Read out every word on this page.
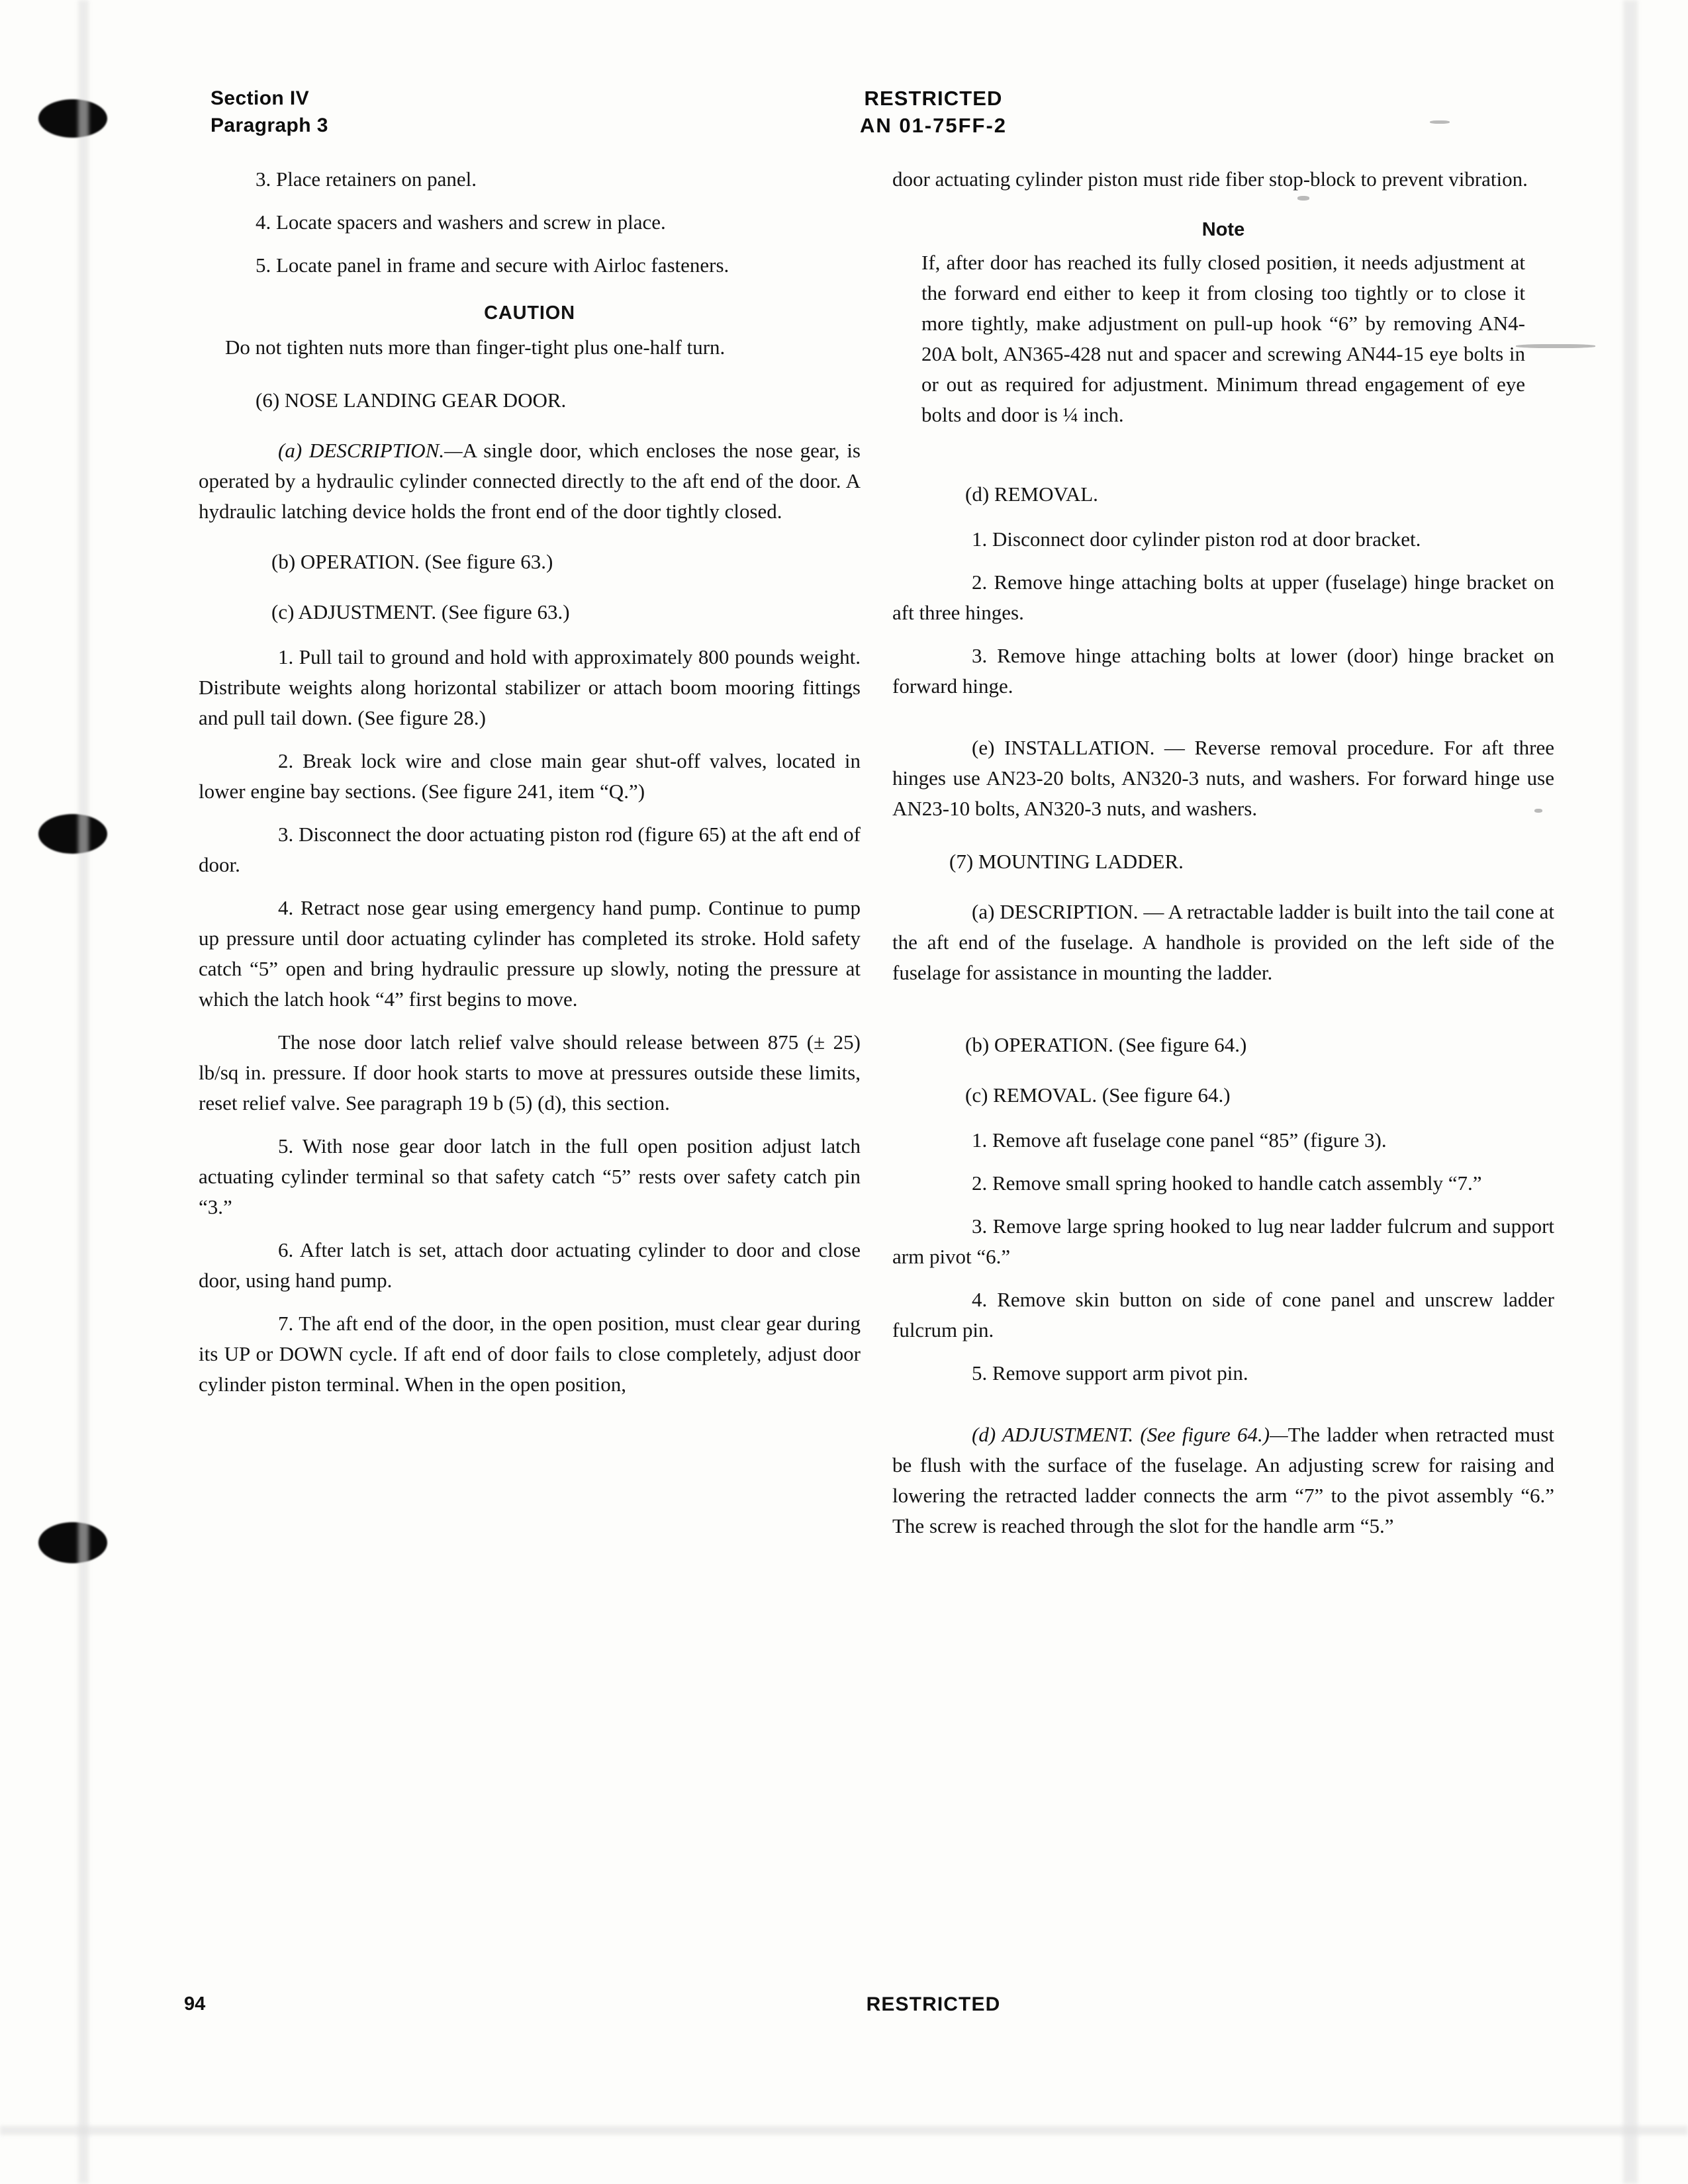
Section IV
Paragraph 3
RESTRICTED
AN 01-75FF-2

3. Place retainers on panel.

4. Locate spacers and washers and screw in place.

5. Locate panel in frame and secure with Airloc fasteners.

CAUTION

Do not tighten nuts more than finger-tight plus one-half turn.

(6) NOSE LANDING GEAR DOOR.

(a) DESCRIPTION.—A single door, which encloses the nose gear, is operated by a hydraulic cylinder connected directly to the aft end of the door. A hydraulic latching device holds the front end of the door tightly closed.

(b) OPERATION. (See figure 63.)

(c) ADJUSTMENT. (See figure 63.)

1. Pull tail to ground and hold with approximately 800 pounds weight. Distribute weights along horizontal stabilizer or attach boom mooring fittings and pull tail down. (See figure 28.)

2. Break lock wire and close main gear shut-off valves, located in lower engine bay sections. (See figure 241, item “Q.”)

3. Disconnect the door actuating piston rod (figure 65) at the aft end of door.

4. Retract nose gear using emergency hand pump. Continue to pump up pressure until door actuating cylinder has completed its stroke. Hold safety catch “5” open and bring hydraulic pressure up slowly, noting the pressure at which the latch hook “4” first begins to move.

The nose door latch relief valve should release between 875 (± 25) lb/sq in. pressure. If door hook starts to move at pressures outside these limits, reset relief valve. See paragraph 19 b (5) (d), this section.

5. With nose gear door latch in the full open position adjust latch actuating cylinder terminal so that safety catch “5” rests over safety catch pin “3.”

6. After latch is set, attach door actuating cylinder to door and close door, using hand pump.

7. The aft end of the door, in the open position, must clear gear during its UP or DOWN cycle. If aft end of door fails to close completely, adjust door cylinder piston terminal. When in the open position,

door actuating cylinder piston must ride fiber stop-block to prevent vibration.

Note

If, after door has reached its fully closed position, it needs adjustment at the forward end either to keep it from closing too tightly or to close it more tightly, make adjustment on pull-up hook “6” by removing AN4-20A bolt, AN365-428 nut and spacer and screwing AN44-15 eye bolts in or out as required for adjustment. Minimum thread engagement of eye bolts and door is ¼ inch.

(d) REMOVAL.

1. Disconnect door cylinder piston rod at door bracket.

2. Remove hinge attaching bolts at upper (fuselage) hinge bracket on aft three hinges.

3. Remove hinge attaching bolts at lower (door) hinge bracket on forward hinge.

(e) INSTALLATION. — Reverse removal procedure. For aft three hinges use AN23-20 bolts, AN320-3 nuts, and washers. For forward hinge use AN23-10 bolts, AN320-3 nuts, and washers.

(7) MOUNTING LADDER.

(a) DESCRIPTION. — A retractable ladder is built into the tail cone at the aft end of the fuselage. A handhole is provided on the left side of the fuselage for assistance in mounting the ladder.

(b) OPERATION. (See figure 64.)

(c) REMOVAL. (See figure 64.)

1. Remove aft fuselage cone panel “85” (figure 3).

2. Remove small spring hooked to handle catch assembly “7.”

3. Remove large spring hooked to lug near ladder fulcrum and support arm pivot “6.”

4. Remove skin button on side of cone panel and unscrew ladder fulcrum pin.

5. Remove support arm pivot pin.

(d) ADJUSTMENT. (See figure 64.)—The ladder when retracted must be flush with the surface of the fuselage. An adjusting screw for raising and lowering the retracted ladder connects the arm “7” to the pivot assembly “6.” The screw is reached through the slot for the handle arm “5.”

94	RESTRICTED
